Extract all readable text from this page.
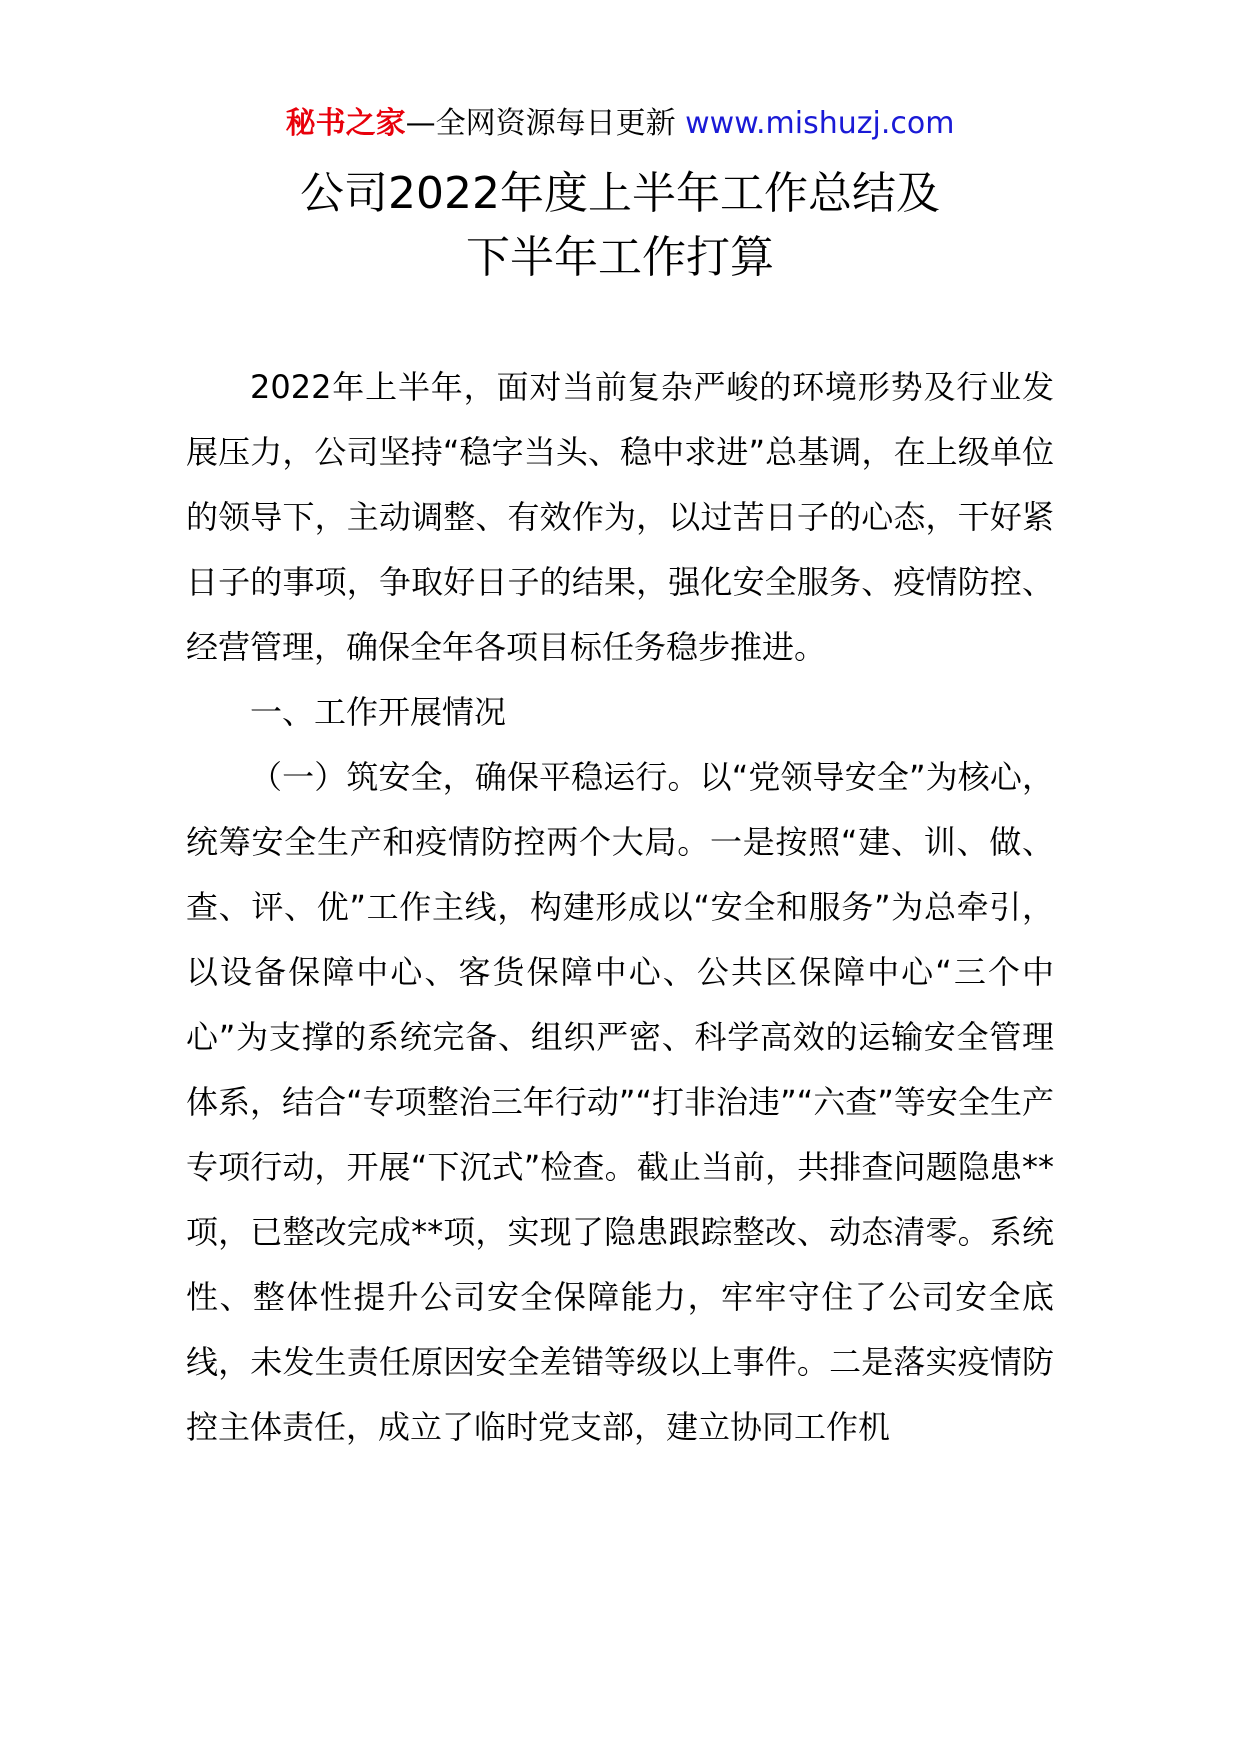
秘书之家—全网资源每日更新 www.mishuzj.com
公司2022年度上半年工作总结及
下半年工作打算

2022年上半年，面对当前复杂严峻的环境形势及行业发展压力，公司坚持“稳字当头、稳中求进”总基调，在上级单位的领导下，主动调整、有效作为，以过苦日子的心态，干好紧日子的事项，争取好日子的结果，强化安全服务、疫情防控、经营管理，确保全年各项目标任务稳步推进。

一、工作开展情况

（一）筑安全，确保平稳运行。以“党领导安全”为核心，统筹安全生产和疫情防控两个大局。一是按照“建、训、做、查、评、优”工作主线，构建形成以“安全和服务”为总牵引，以设备保障中心、客货保障中心、公共区保障中心“三个中心”为支撑的系统完备、组织严密、科学高效的运输安全管理体系，结合“专项整治三年行动”“打非治违”“六查”等安全生产专项行动，开展“下沉式”检查。截止当前，共排查问题隐患**项，已整改完成**项，实现了隐患跟踪整改、动态清零。系统性、整体性提升公司安全保障能力，牢牢守住了公司安全底线，未发生责任原因安全差错等级以上事件。二是落实疫情防控主体责任，成立了临时党支部，建立协同工作机
